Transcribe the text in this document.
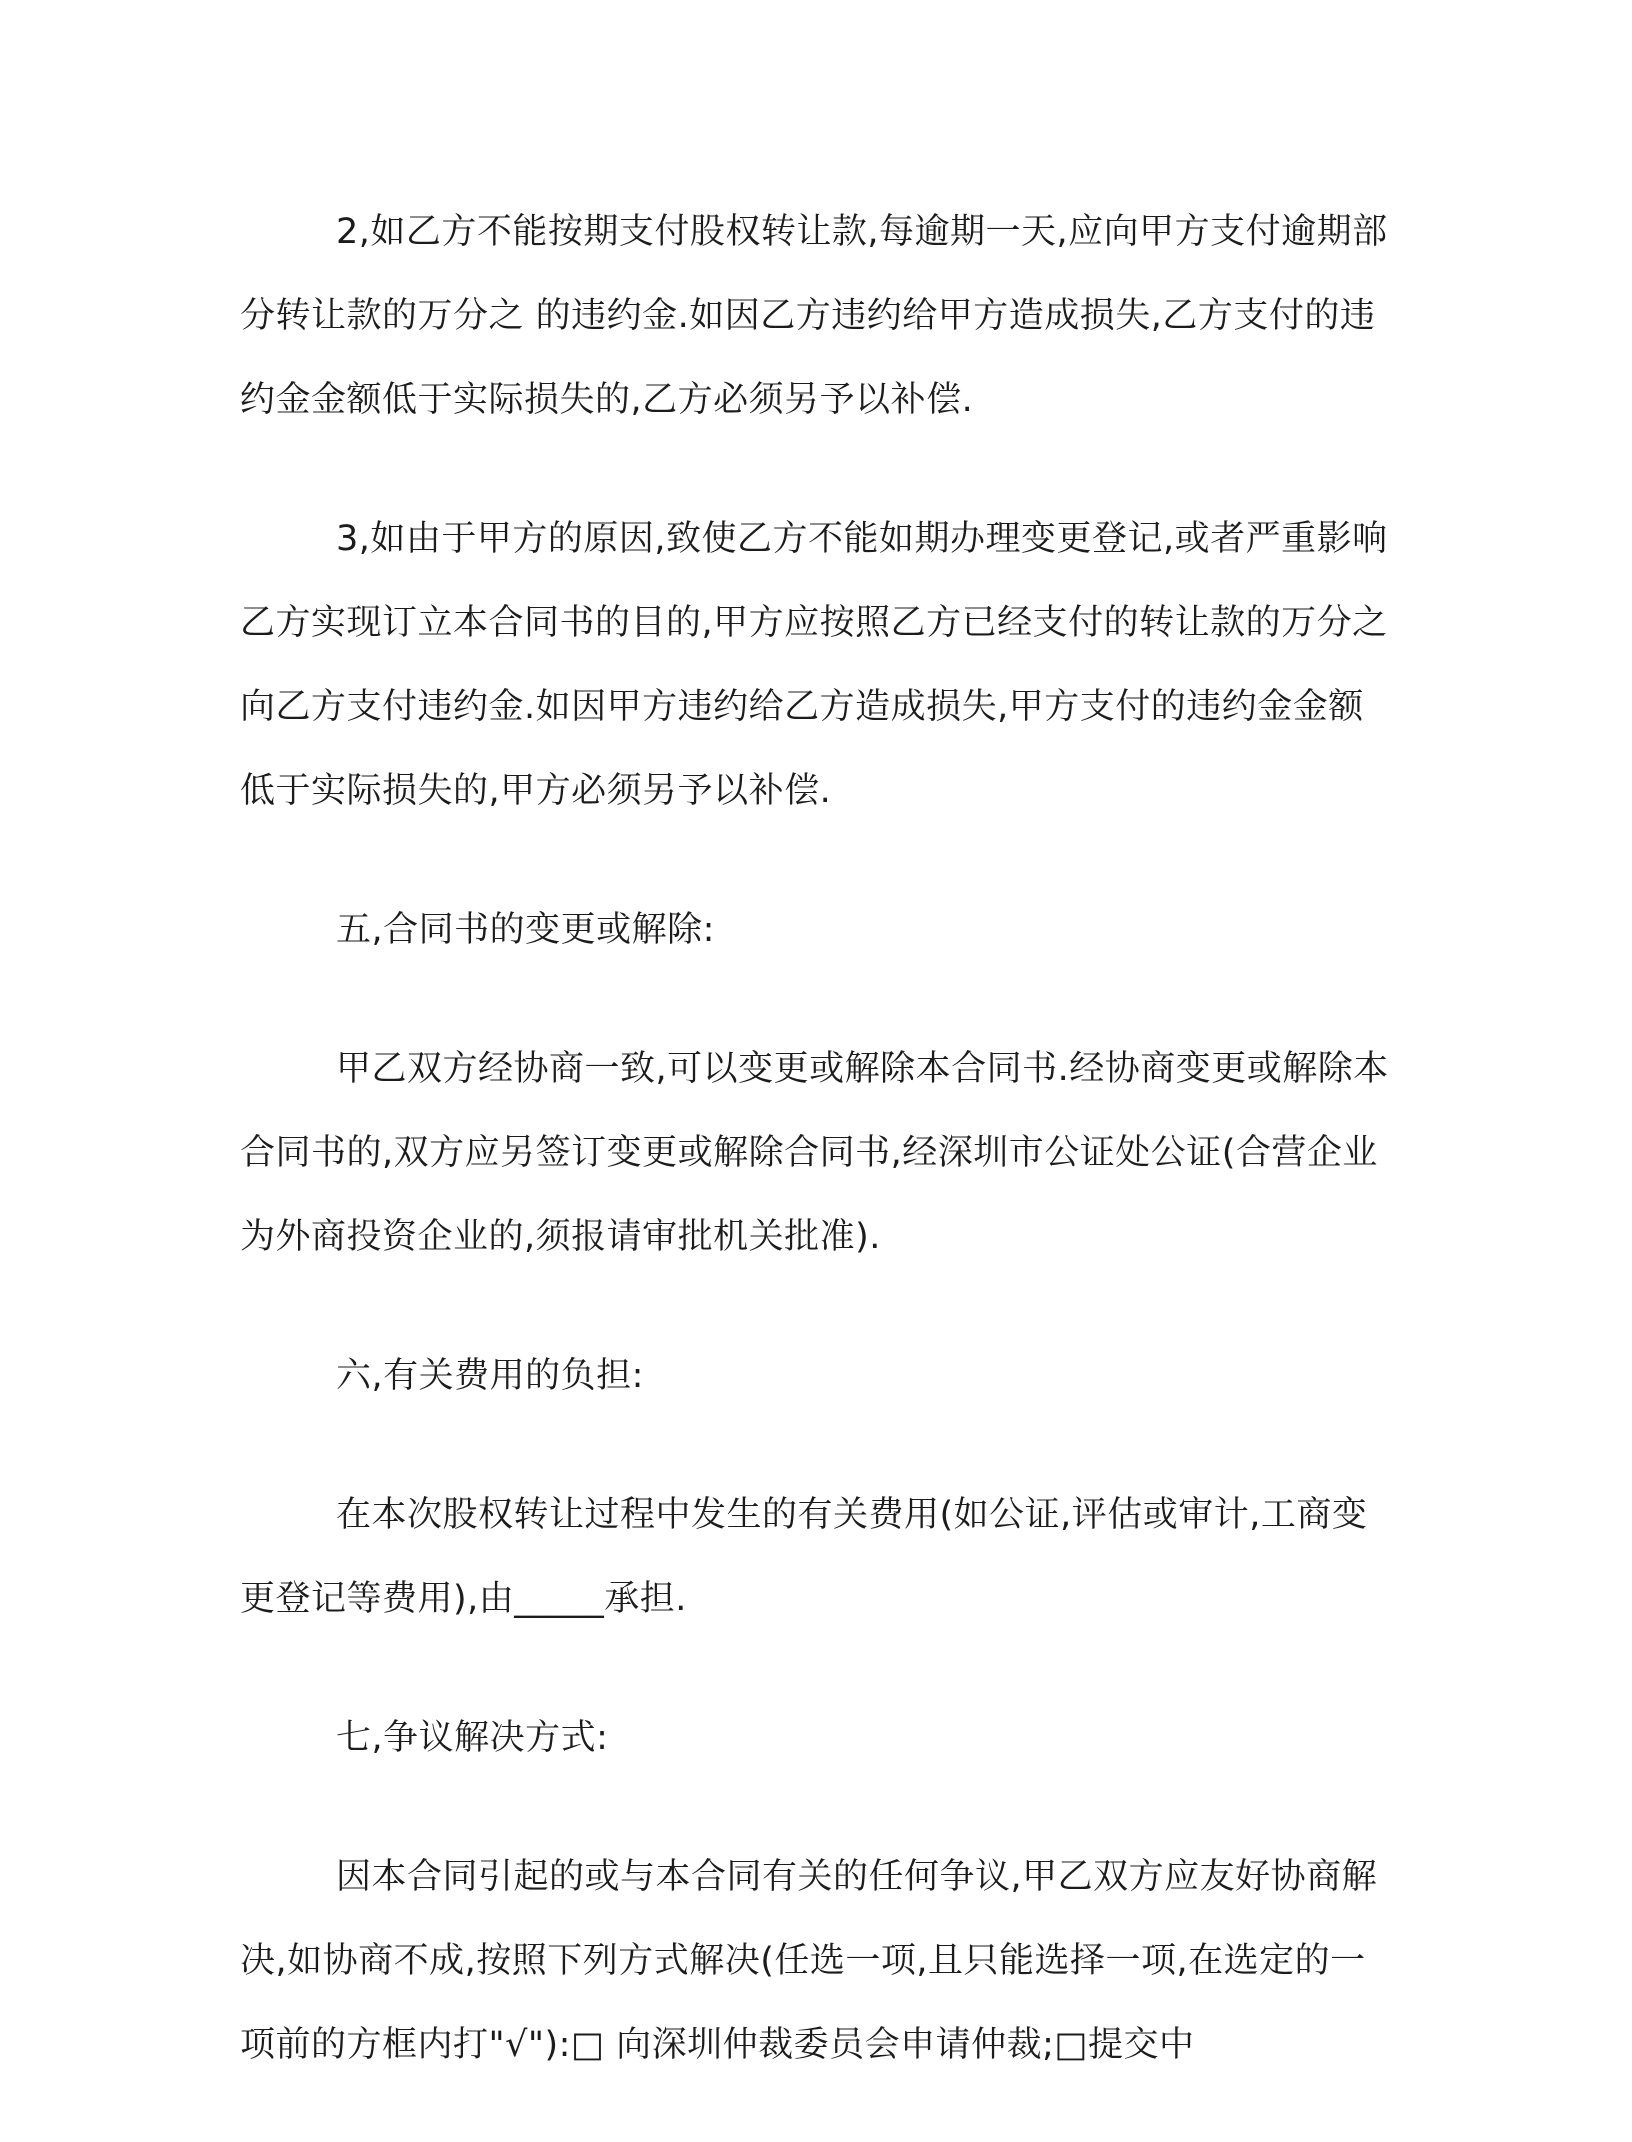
2,如乙方不能按期支付股权转让款,每逾期一天,应向甲方支付逾期部分转让款的万分之 的违约金.如因乙方违约给甲方造成损失,乙方支付的违约金金额低于实际损失的,乙方必须另予以补偿.

3,如由于甲方的原因,致使乙方不能如期办理变更登记,或者严重影响乙方实现订立本合同书的目的,甲方应按照乙方已经支付的转让款的万分之 向乙方支付违约金.如因甲方违约给乙方造成损失,甲方支付的违约金金额低于实际损失的,甲方必须另予以补偿.

五,合同书的变更或解除:

甲乙双方经协商一致,可以变更或解除本合同书.经协商变更或解除本合同书的,双方应另签订变更或解除合同书,经深圳市公证处公证(合营企业为外商投资企业的,须报请审批机关批准).

六,有关费用的负担:

在本次股权转让过程中发生的有关费用(如公证,评估或审计,工商变更登记等费用),由_____承担.

七,争议解决方式:

因本合同引起的或与本合同有关的任何争议,甲乙双方应友好协商解决,如协商不成,按照下列方式解决(任选一项,且只能选择一项,在选定的一项前的方框内打"√"):□ 向深圳仲裁委员会申请仲裁;□提交中
